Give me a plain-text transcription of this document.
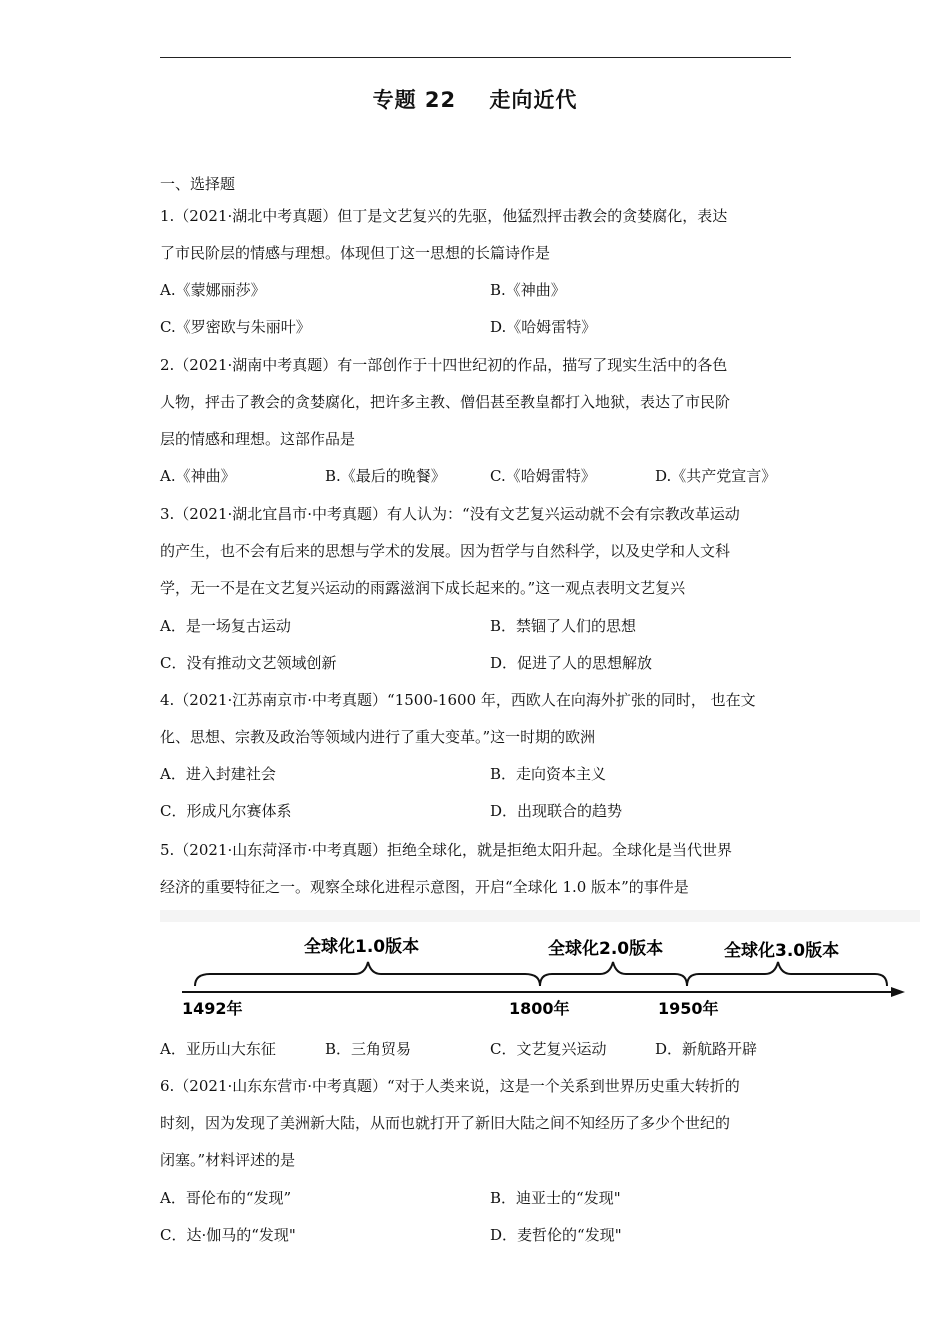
专题 22 走向近代
一、选择题
1.（2021·湖北中考真题）但丁是文艺复兴的先驱，他猛烈抨击教会的贪婪腐化，表达
了市民阶层的情感与理想。体现但丁这一思想的长篇诗作是
A.《蒙娜丽莎》	B.《神曲》
C.《罗密欧与朱丽叶》	D.《哈姆雷特》
2.（2021·湖南中考真题）有一部创作于十四世纪初的作品，描写了现实生活中的各色
人物，抨击了教会的贪婪腐化，把许多主教、僧侣甚至教皇都打入地狱，表达了市民阶
层的情感和理想。这部作品是
A.《神曲》	B.《最后的晚餐》	C.《哈姆雷特》	D.《共产党宣言》
3.（2021·湖北宜昌市·中考真题）有人认为：“没有文艺复兴运动就不会有宗教改革运动
的产生，也不会有后来的思想与学术的发展。因为哲学与自然科学，以及史学和人文科
学，无一不是在文艺复兴运动的雨露滋润下成长起来的。”这一观点表明文艺复兴
A．是一场复古运动	B．禁锢了人们的思想
C．没有推动文艺领域创新	D．促进了人的思想解放
4.（2021·江苏南京市·中考真题）“1500-1600 年，西欧人在向海外扩张的同时， 也在文
化、思想、宗教及政治等领域内进行了重大变革。”这一时期的欧洲
A．进入封建社会	B．走向资本主义
C．形成凡尔赛体系	D．出现联合的趋势
5.（2021·山东菏泽市·中考真题）拒绝全球化，就是拒绝太阳升起。全球化是当代世界
经济的重要特征之一。观察全球化进程示意图，开启“全球化 1.0 版本”的事件是
全球化1.0版本	全球化2.0版本	全球化3.0版本
1492年	1800年	1950年
A．亚历山大东征	B．三角贸易	C．文艺复兴运动	D．新航路开辟
6.（2021·山东东营市·中考真题）“对于人类来说，这是一个关系到世界历史重大转折的
时刻，因为发现了美洲新大陆，从而也就打开了新旧大陆之间不知经历了多少个世纪的
闭塞。”材料评述的是
A．哥伦布的“发现”	B．迪亚士的“发现"
C．达·伽马的“发现"	D．麦哲伦的“发现"
